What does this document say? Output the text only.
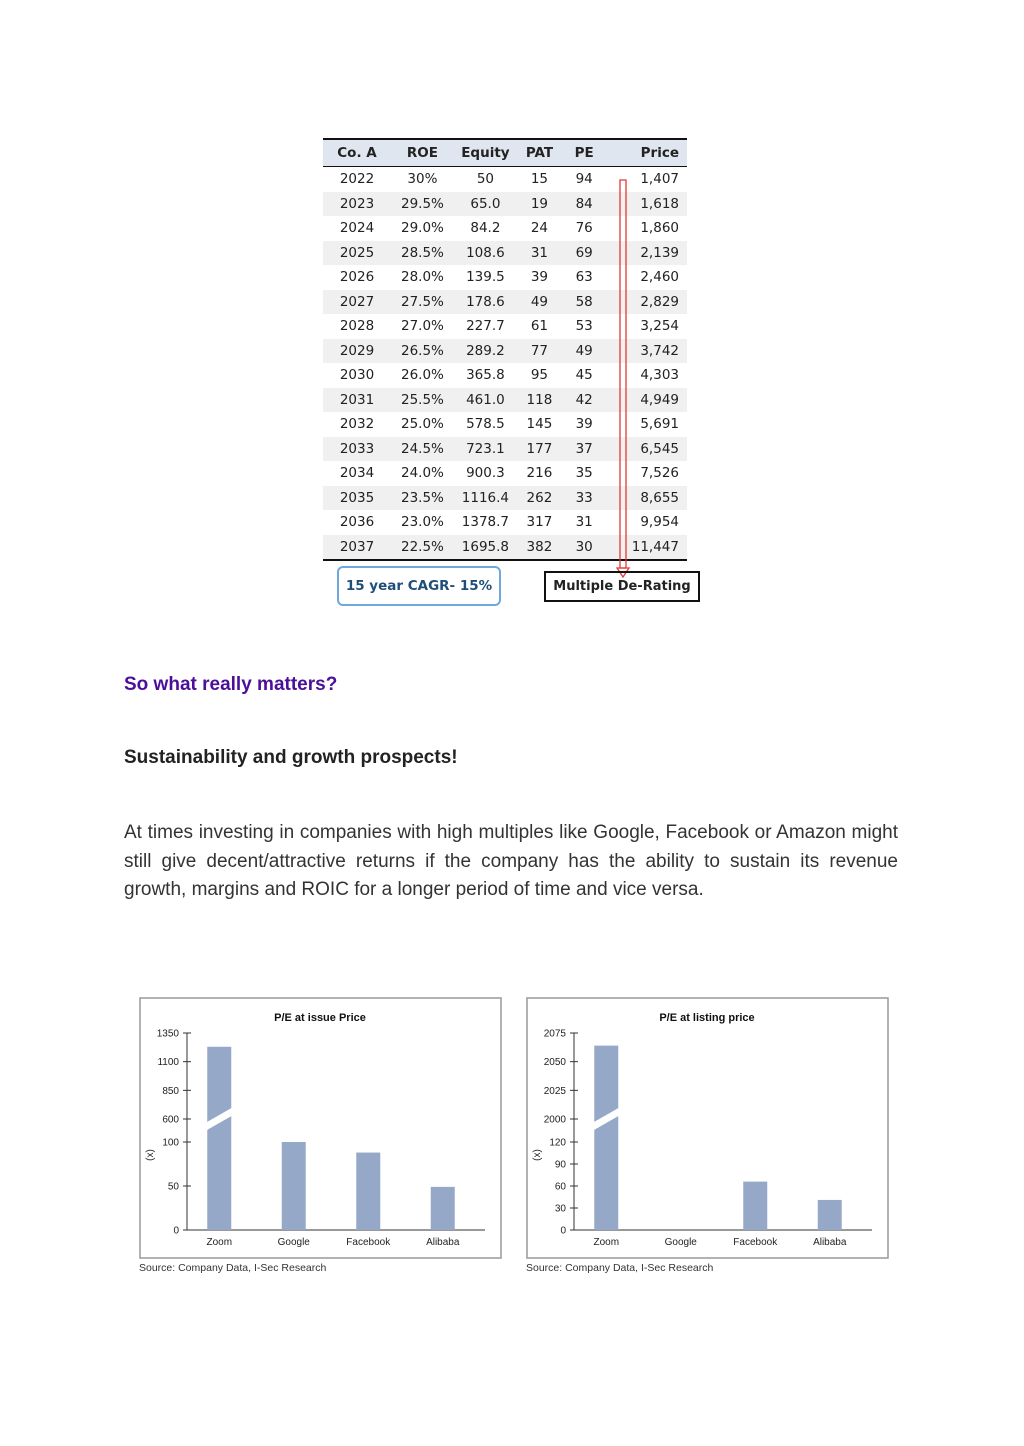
Co. A	ROE	Equity	PAT	PE	Price
2022	30%	50	15	94	1,407
2023	29.5%	65.0	19	84	1,618
2024	29.0%	84.2	24	76	1,860
2025	28.5%	108.6	31	69	2,139
2026	28.0%	139.5	39	63	2,460
2027	27.5%	178.6	49	58	2,829
2028	27.0%	227.7	61	53	3,254
2029	26.5%	289.2	77	49	3,742
2030	26.0%	365.8	95	45	4,303
2031	25.5%	461.0	118	42	4,949
2032	25.0%	578.5	145	39	5,691
2033	24.5%	723.1	177	37	6,545
2034	24.0%	900.3	216	35	7,526
2035	23.5%	1116.4	262	33	8,655
2036	23.0%	1378.7	317	31	9,954
2037	22.5%	1695.8	382	30	11,447
15 year CAGR- 15%	Multiple De-Rating
So what really matters?
Sustainability and growth prospects!

At times investing in companies with high multiples like Google, Facebook or Amazon might still give decent/attractive returns if the company has the ability to sustain its revenue growth, margins and ROIC for a longer period of time and vice versa.

P/E at issue Price
0
50
100
600
850
1100
1350
(x)
Zoom	Google	Facebook	Alibaba
Source: Company Data, I-Sec Research
P/E at listing price
0
30
60
90
120
2000
2025
2050
2075
(x)
Zoom	Google	Facebook	Alibaba
Source: Company Data, I-Sec Research
